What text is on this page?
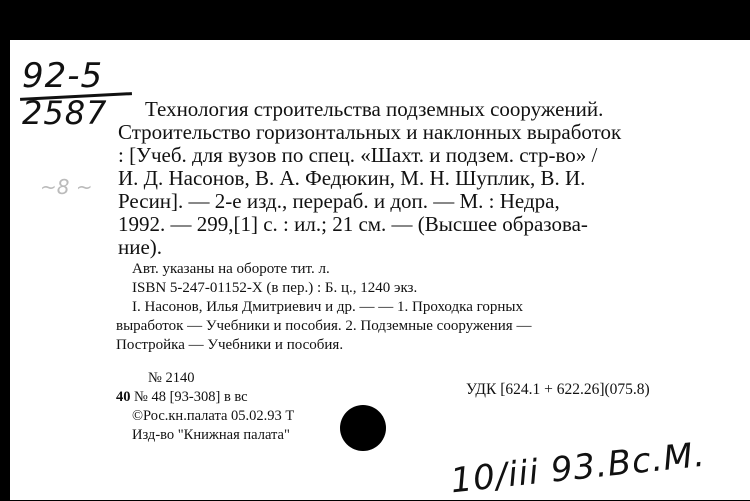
92-5
2587
~8 ~
Технология строительства подземных сооружений.
Строительство горизонтальных и наклонных выработок
: [Учеб. для вузов по спец. «Шахт. и подзем. стр-во» /
И. Д. Насонов, В. А. Федюкин, М. Н. Шуплик, В. И.
Ресин]. — 2-е изд., перераб. и доп. — М. : Недра,
1992. — 299,[1] с. : ил.; 21 см. — (Высшее образова-
ние).
Авт. указаны на обороте тит. л.
ISBN 5-247-01152-X (в пер.) : Б. ц., 1240 экз.
I. Насонов, Илья Дмитриевич и др. — — 1. Проходка горных
выработок — Учебники и пособия. 2. Подземные сооружения —
Постройка — Учебники и пособия.
№ 2140
40 № 48 [93-308] в вс
©Рос.кн.палата 05.02.93 Т
Изд-во "Книжная палата"
УДК [624.1 + 622.26](075.8)
10/iii 93.Вс.М.
